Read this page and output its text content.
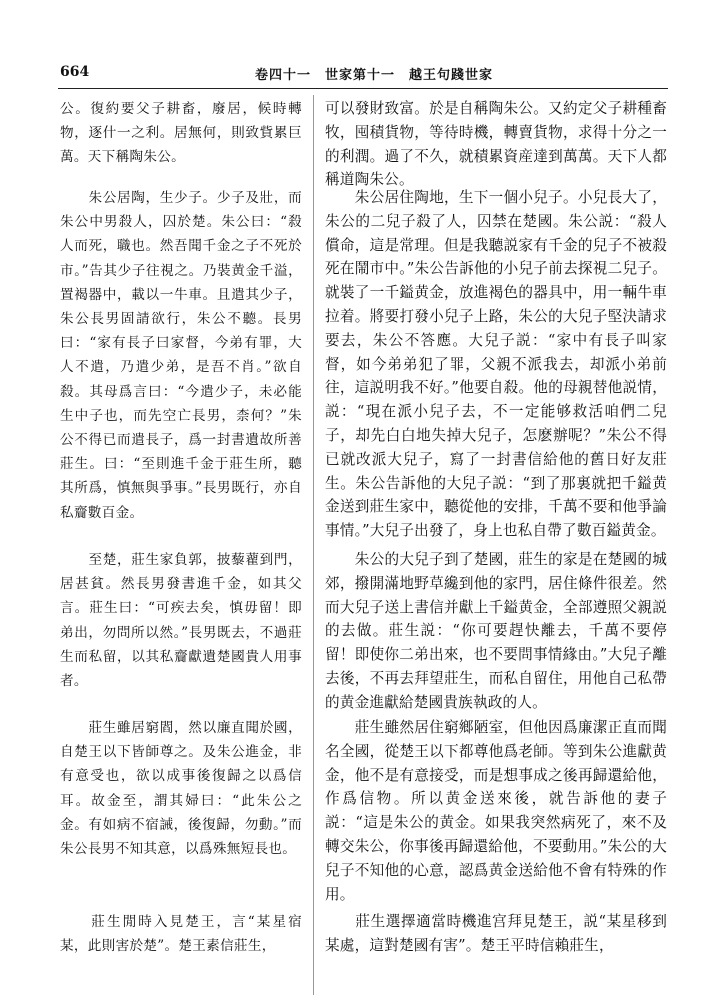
664	卷四十一　世家第十一　越王句踐世家

公。復約要父子耕畜，廢居，候時轉物，逐什一之利。居無何，則致貲累巨萬。天下稱陶朱公。

　　朱公居陶，生少子。少子及壯，而朱公中男殺人，囚於楚。朱公曰：“殺人而死，職也。然吾聞千金之子不死於市。”告其少子往視之。乃裝黄金千溢，置褐器中，載以一牛車。且遣其少子，朱公長男固請欲行，朱公不聽。長男曰：“家有長子曰家督，今弟有罪，大人不遣，乃遣少弟，是吾不肖。”欲自殺。其母爲言曰：“今遣少子，未必能生中子也，而先空亡長男，柰何？”朱公不得已而遣長子，爲一封書遺故所善莊生。曰：“至則進千金于莊生所，聽其所爲，慎無與爭事。”長男既行，亦自私齎數百金。

　　至楚，莊生家負郭，披藜藋到門，居甚貧。然長男發書進千金，如其父言。莊生曰：“可疾去矣，慎毋留！即弟出，勿問所以然。”長男既去，不過莊生而私留，以其私齎獻遺楚國貴人用事者。

　　莊生雖居窮閻，然以廉直聞於國，自楚王以下皆師尊之。及朱公進金，非有意受也，欲以成事後復歸之以爲信耳。故金至，謂其婦曰：“此朱公之金。有如病不宿誡，後復歸，勿動。”而朱公長男不知其意，以爲殊無短長也。

　　莊生閒時入見楚王，言“某星宿某，此則害於楚”。楚王素信莊生，

可以發財致富。於是自稱陶朱公。又約定父子耕種畜牧，囤積貨物，等待時機，轉賣貨物，求得十分之一的利潤。過了不久，就積累資産達到萬萬。天下人都稱道陶朱公。

　　朱公居住陶地，生下一個小兒子。小兒長大了，朱公的二兒子殺了人，囚禁在楚國。朱公説：“殺人償命，這是常理。但是我聽説家有千金的兒子不被殺死在鬧市中。”朱公告訴他的小兒子前去探視二兒子。就裝了一千鎰黄金，放進褐色的器具中，用一輛牛車拉着。將要打發小兒子上路，朱公的大兒子堅決請求要去，朱公不答應。大兒子説：“家中有長子叫家督，如今弟弟犯了罪，父親不派我去，却派小弟前往，這説明我不好。”他要自殺。他的母親替他説情，説：“現在派小兒子去，不一定能够救活咱們二兒子，却先白白地失掉大兒子，怎麽辦呢？”朱公不得已就改派大兒子，寫了一封書信給他的舊日好友莊生。朱公告訴他的大兒子説：“到了那裏就把千鎰黄金送到莊生家中，聽從他的安排，千萬不要和他爭論事情。”大兒子出發了，身上也私自帶了數百鎰黄金。

　　朱公的大兒子到了楚國，莊生的家是在楚國的城郊，撥開滿地野草纔到他的家門，居住條件很差。然而大兒子送上書信并獻上千鎰黄金，全部遵照父親説的去做。莊生説：“你可要趕快離去，千萬不要停留！即使你二弟出來，也不要問事情緣由。”大兒子離去後，不再去拜望莊生，而私自留住，用他自己私帶的黄金進獻給楚國貴族執政的人。

　　莊生雖然居住窮鄉陋室，但他因爲廉潔正直而聞名全國，從楚王以下都尊他爲老師。等到朱公進獻黄金，他不是有意接受，而是想事成之後再歸還給他，作爲信物。所以黄金送來後，就告訴他的妻子説：“這是朱公的黄金。如果我突然病死了，來不及轉交朱公，你事後再歸還給他，不要動用。”朱公的大兒子不知他的心意，認爲黄金送給他不會有特殊的作用。

　　莊生選擇適當時機進宫拜見楚王，説“某星移到某處，這對楚國有害”。楚王平時信賴莊生，
